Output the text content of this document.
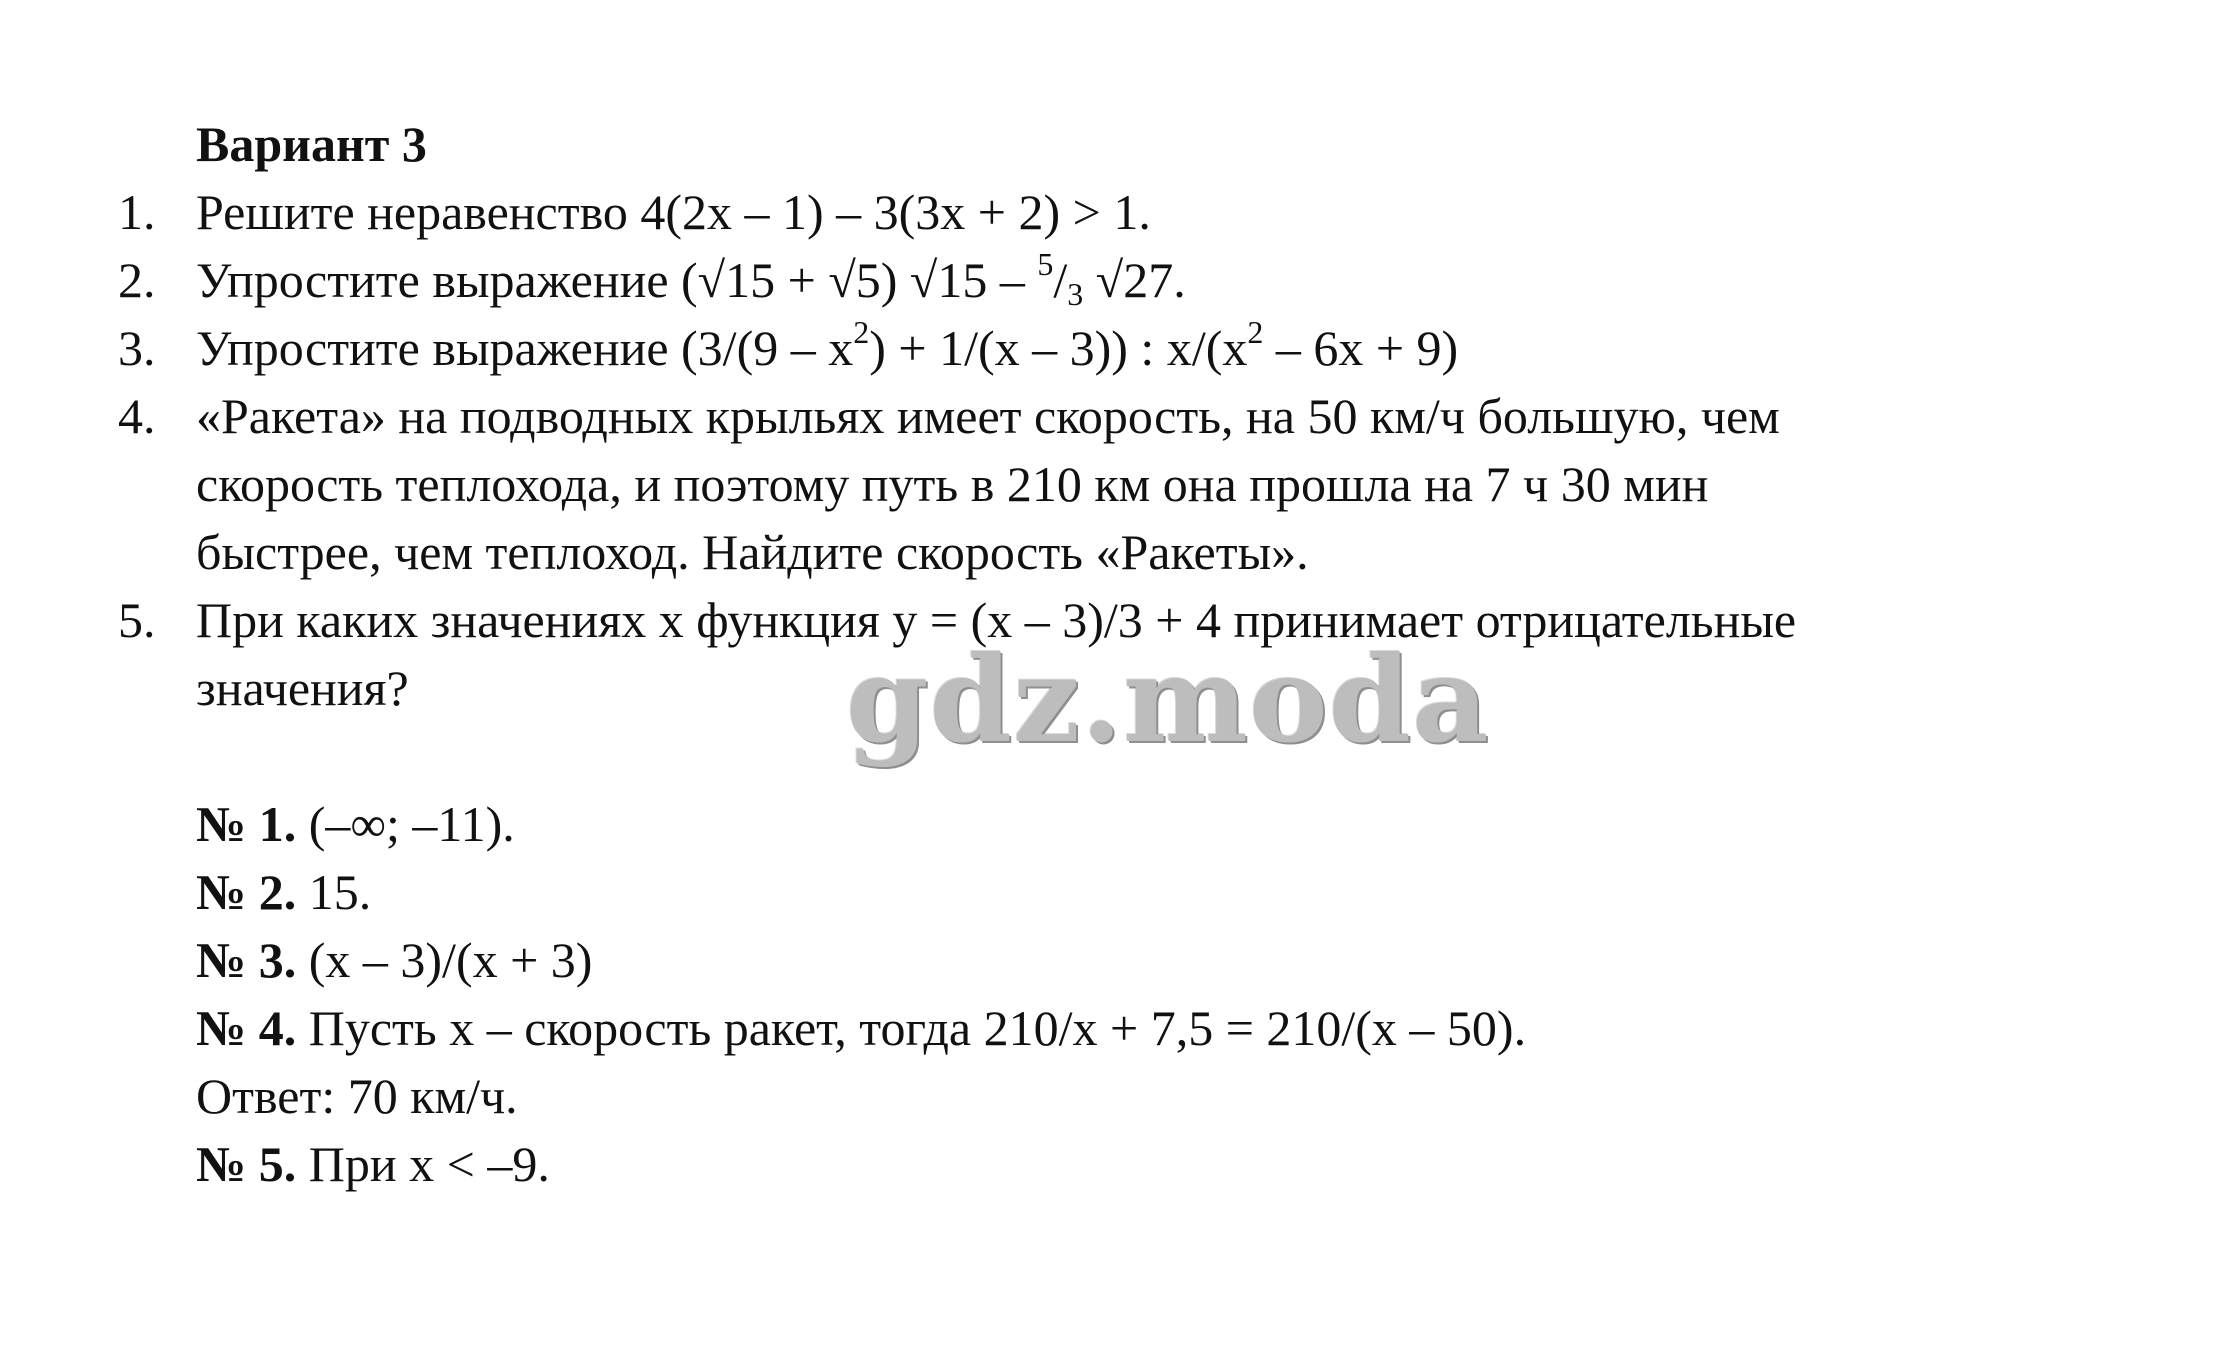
Вариант 3
1. Решите неравенство 4(2x – 1) – 3(3x + 2) > 1.
2. Упростите выражение (√15 + √5) $√15 - ^5/_3$ √27.
3. Упростите выражение $(3/(9 - x^2) + 1/(x - 3))$ : $x/(x^2 - 6x + 9)$
4. «Ракета» на подводных крыльях имеет скорость, на 50 км/ч большую, чем
скорость теплохода, и поэтому путь в 210 км она прошла на 7 ч 30 мин
быстрее, чем теплоход. Найдите скорость «Ракеты».
5. При каких значениях x функция y = (x – 3)/3 + 4 принимает отрицательные
значения?	gdz.moda
№ 1. (–∞; –11).
№ 2. 15.
№ 3. (x – 3)/(x + 3)
№ 4. Пусть x – скорость ракет, тогда 210/x + 7,5 = 210/(x – 50).
Ответ: 70 км/ч.
№ 5. При x < –9.
